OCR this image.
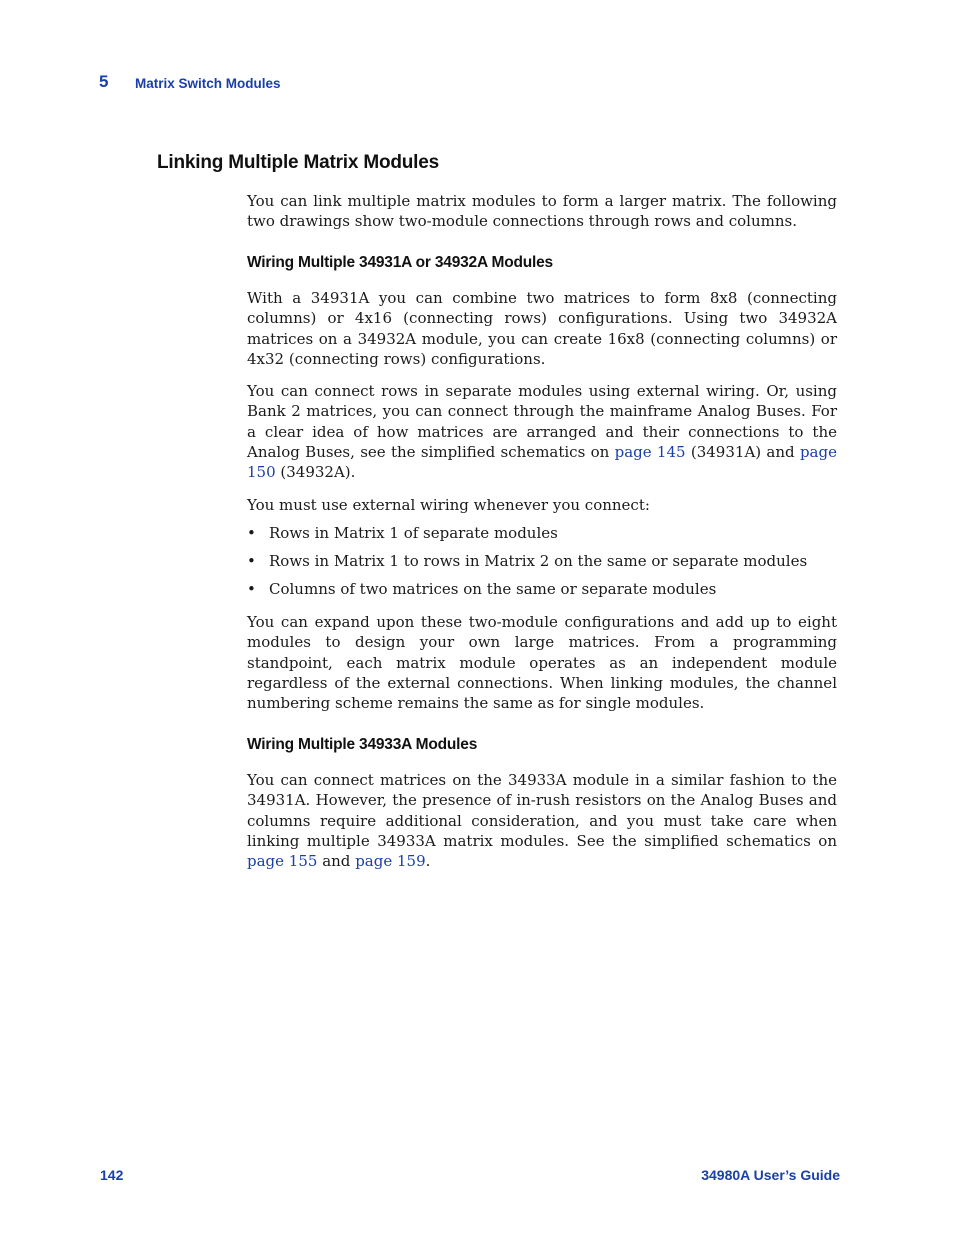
5 Matrix Switch Modules
Linking Multiple Matrix Modules

You can link multiple matrix modules to form a larger matrix. The following two drawings show two-module connections through rows and columns.

Wiring Multiple 34931A or 34932A Modules

With a 34931A you can combine two matrices to form 8x8 (connecting columns) or 4x16 (connecting rows) configurations. Using two 34932A matrices on a 34932A module, you can create 16x8 (connecting columns) or 4x32 (connecting rows) configurations.

You can connect rows in separate modules using external wiring. Or, using Bank 2 matrices, you can connect through the mainframe Analog Buses. For a clear idea of how matrices are arranged and their connections to the Analog Buses, see the simplified schematics on page 145 (34931A) and page 150 (34932A).

You must use external wiring whenever you connect:

• Rows in Matrix 1 of separate modules
• Rows in Matrix 1 to rows in Matrix 2 on the same or separate modules
• Columns of two matrices on the same or separate modules

You can expand upon these two-module configurations and add up to eight modules to design your own large matrices. From a programming standpoint, each matrix module operates as an independent module regardless of the external connections. When linking modules, the channel numbering scheme remains the same as for single modules.

Wiring Multiple 34933A Modules

You can connect matrices on the 34933A module in a similar fashion to the 34931A. However, the presence of in-rush resistors on the Analog Buses and columns require additional consideration, and you must take care when linking multiple 34933A matrix modules. See the simplified schematics on page 155 and page 159.

142	34980A User’s Guide
